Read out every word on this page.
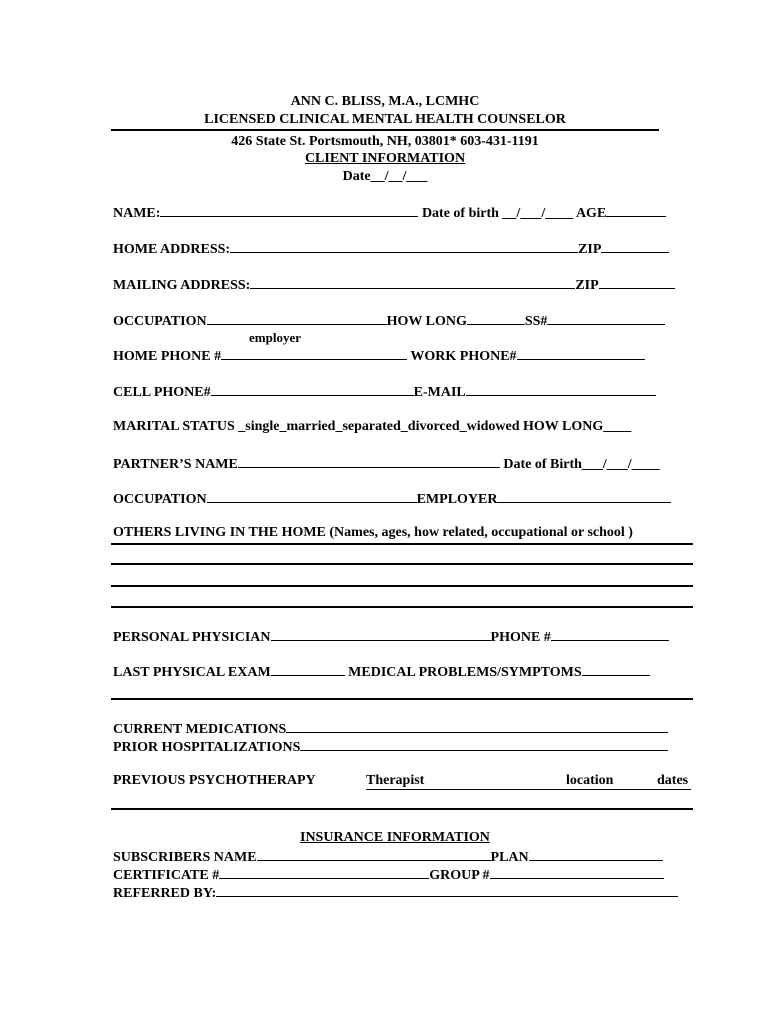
ANN C. BLISS, M.A., LCMHC
LICENSED CLINICAL MENTAL HEALTH COUNSELOR
426 State St. Portsmouth, NH, 03801* 603-431-1191
CLIENT INFORMATION
Date__/__/___
NAME:	Date of birth __/___/____ AGE
HOME ADDRESS:	ZIP
MAILING ADDRESS:	ZIP
OCCUPATION	HOW LONG	SS#
employer
HOME PHONE #	WORK PHONE#
CELL PHONE#	E-MAIL
MARITAL STATUS _single_married_separated_divorced_widowed HOW LONG____
PARTNER’S NAME	Date of Birth___/___/____
OCCUPATION	EMPLOYER
OTHERS LIVING IN THE HOME (Names, ages, how related, occupational or school )
PERSONAL PHYSICIAN	PHONE #
LAST PHYSICAL EXAM	MEDICAL PROBLEMS/SYMPTOMS
CURRENT MEDICATIONS
PRIOR HOSPITALIZATIONS
PREVIOUS PSYCHOTHERAPY	Therapist	location	dates
INSURANCE INFORMATION
SUBSCRIBERS NAME	PLAN
CERTIFICATE #	GROUP #
REFERRED BY:
